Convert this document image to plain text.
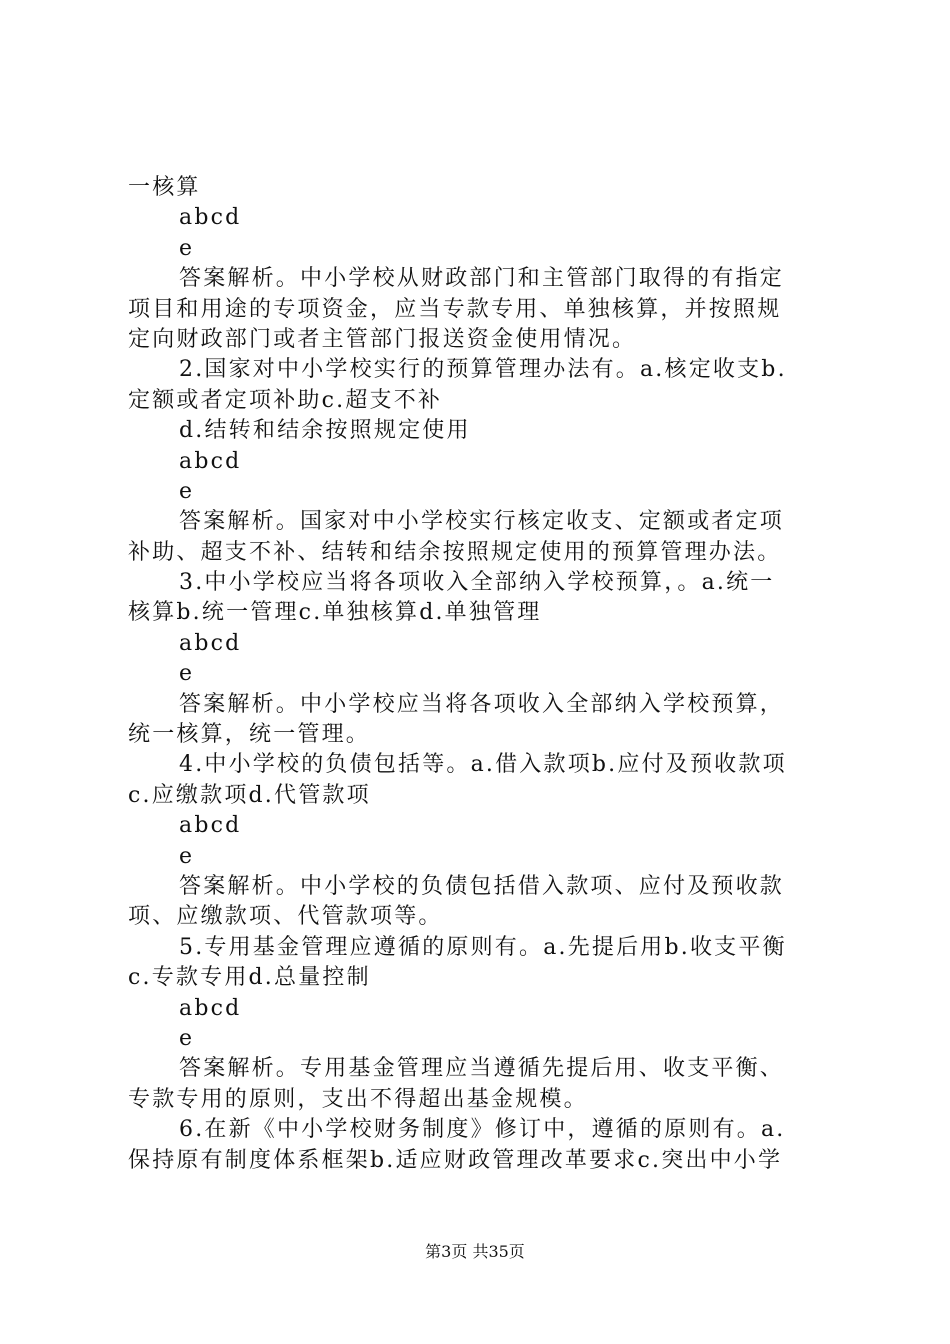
一核算
abcd
e
答案解析。中小学校从财政部门和主管部门取得的有指定
项目和用途的专项资金，应当专款专用、单独核算，并按照规
定向财政部门或者主管部门报送资金使用情况。
2.国家对中小学校实行的预算管理办法有。a.核定收支b.
定额或者定项补助c.超支不补
d.结转和结余按照规定使用
abcd
e
答案解析。国家对中小学校实行核定收支、定额或者定项
补助、超支不补、结转和结余按照规定使用的预算管理办法。
3.中小学校应当将各项收入全部纳入学校预算，。a.统一
核算b.统一管理c.单独核算d.单独管理
abcd
e
答案解析。中小学校应当将各项收入全部纳入学校预算，
统一核算，统一管理。
4.中小学校的负债包括等。a.借入款项b.应付及预收款项
c.应缴款项d.代管款项
abcd
e
答案解析。中小学校的负债包括借入款项、应付及预收款
项、应缴款项、代管款项等。
5.专用基金管理应遵循的原则有。a.先提后用b.收支平衡
c.专款专用d.总量控制
abcd
e
答案解析。专用基金管理应当遵循先提后用、收支平衡、
专款专用的原则，支出不得超出基金规模。
6.在新《中小学校财务制度》修订中，遵循的原则有。a.
保持原有制度体系框架b.适应财政管理改革要求c.突出中小学
第3页 共35页
